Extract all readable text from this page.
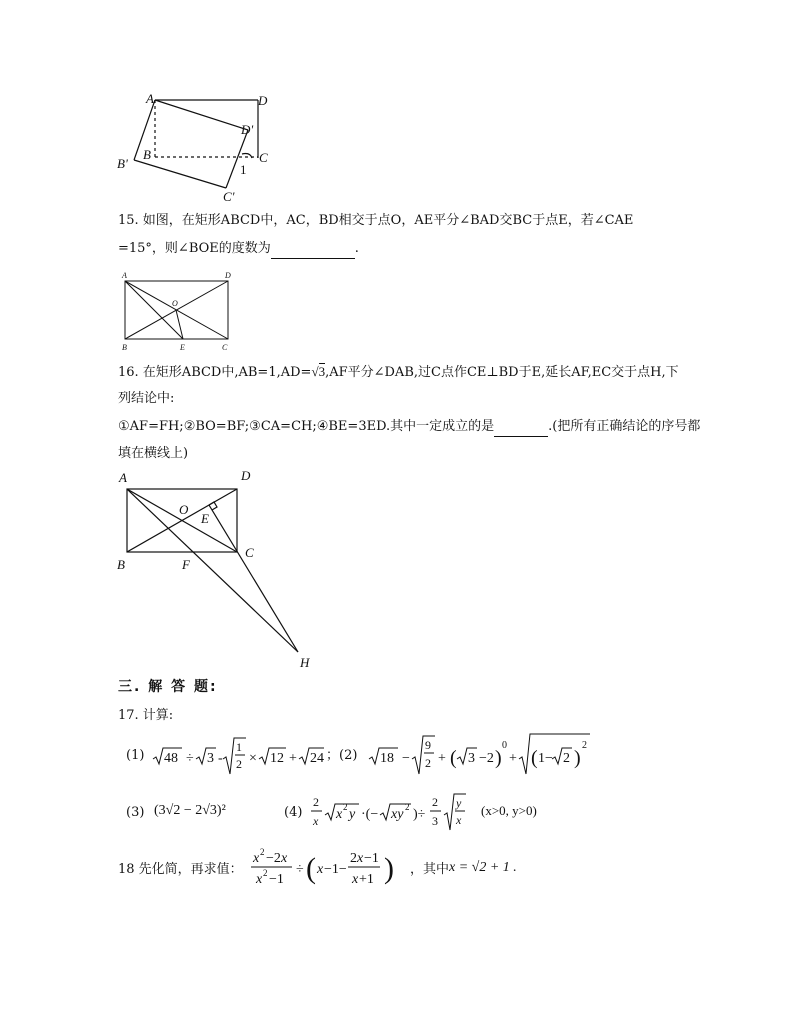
A	D
D'
B	C
B'	1
C'
15. 如图，在矩形ABCD中，AC，BD相交于点O，AE平分∠BAD交BC于点E，若∠CAE
=15°，则∠BOE的度数为	.
A	D
O
B	E	C
16. 在矩形ABCD中,AB=1,AD=√3,AF平分∠DAB,过C点作CE⊥BD于E,延长AF,EC交于点H,下
列结论中:
①AF=FH;②BO=BF;③CA=CH;④BE=3ED.其中一定成立的是	.(把所有正确结论的序号都
填在横线上)
A	D
O
E
B	F
C
H
三. 解 答 题:
17. 计算:
(1) 48 ÷ 3 -
1
2 × 12 + 24 ；(2) 18 −
9
2 + ( 3 −2 )
0
+ ( 1− 2 )
2
(3) (3√2 − 2√3)²	(4)
2
x x 2 y ·(− xy 2 )÷
2
3
y
x
(x>0, y>0)
18 先化简，再求值：
x 2 −2 x
x 2 −1
÷ ( x −1−
2 x −1
x +1 ) ，其中 x = √2 + 1 .
